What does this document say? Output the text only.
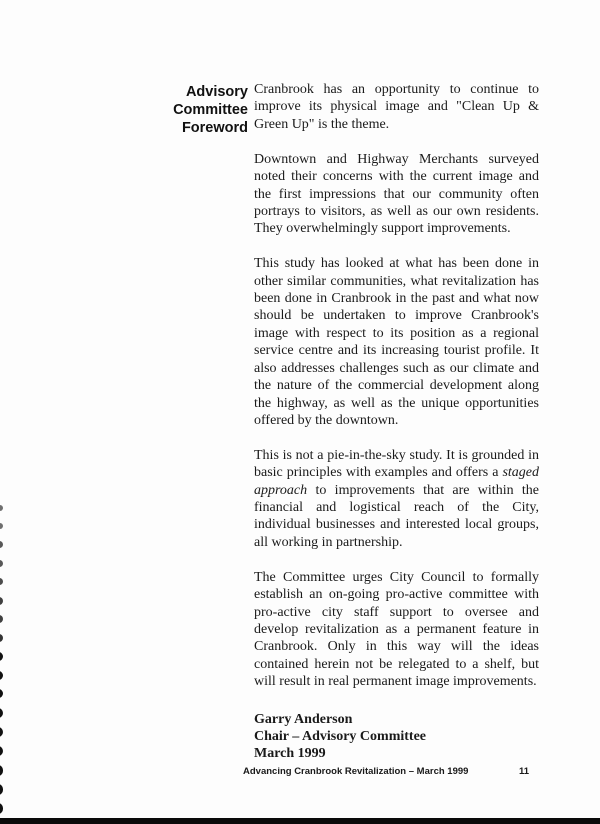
Advisory
Committee
Foreword

Cranbrook has an opportunity to continue to improve its physical image and "Clean Up & Green Up" is the theme.

Downtown and Highway Merchants surveyed noted their concerns with the current image and the first impressions that our community often portrays to visitors, as well as our own residents. They overwhelmingly support improvements.

This study has looked at what has been done in other similar communities, what revitalization has been done in Cranbrook in the past and what now should be undertaken to improve Cranbrook's image with respect to its position as a regional service centre and its increasing tourist profile. It also addresses challenges such as our climate and the nature of the commercial development along the highway, as well as the unique opportunities offered by the downtown.

This is not a pie-in-the-sky study. It is grounded in basic principles with examples and offers a staged approach to improvements that are within the financial and logistical reach of the City, individual businesses and interested local groups, all working in partnership.

The Committee urges City Council to formally establish an on-going pro-active committee with pro-active city staff support to oversee and develop revitalization as a permanent feature in Cranbrook. Only in this way will the ideas contained herein not be relegated to a shelf, but will result in real permanent image improvements.

Garry Anderson
Chair – Advisory Committee
March 1999
Advancing Cranbrook Revitalization – March 1999	11
